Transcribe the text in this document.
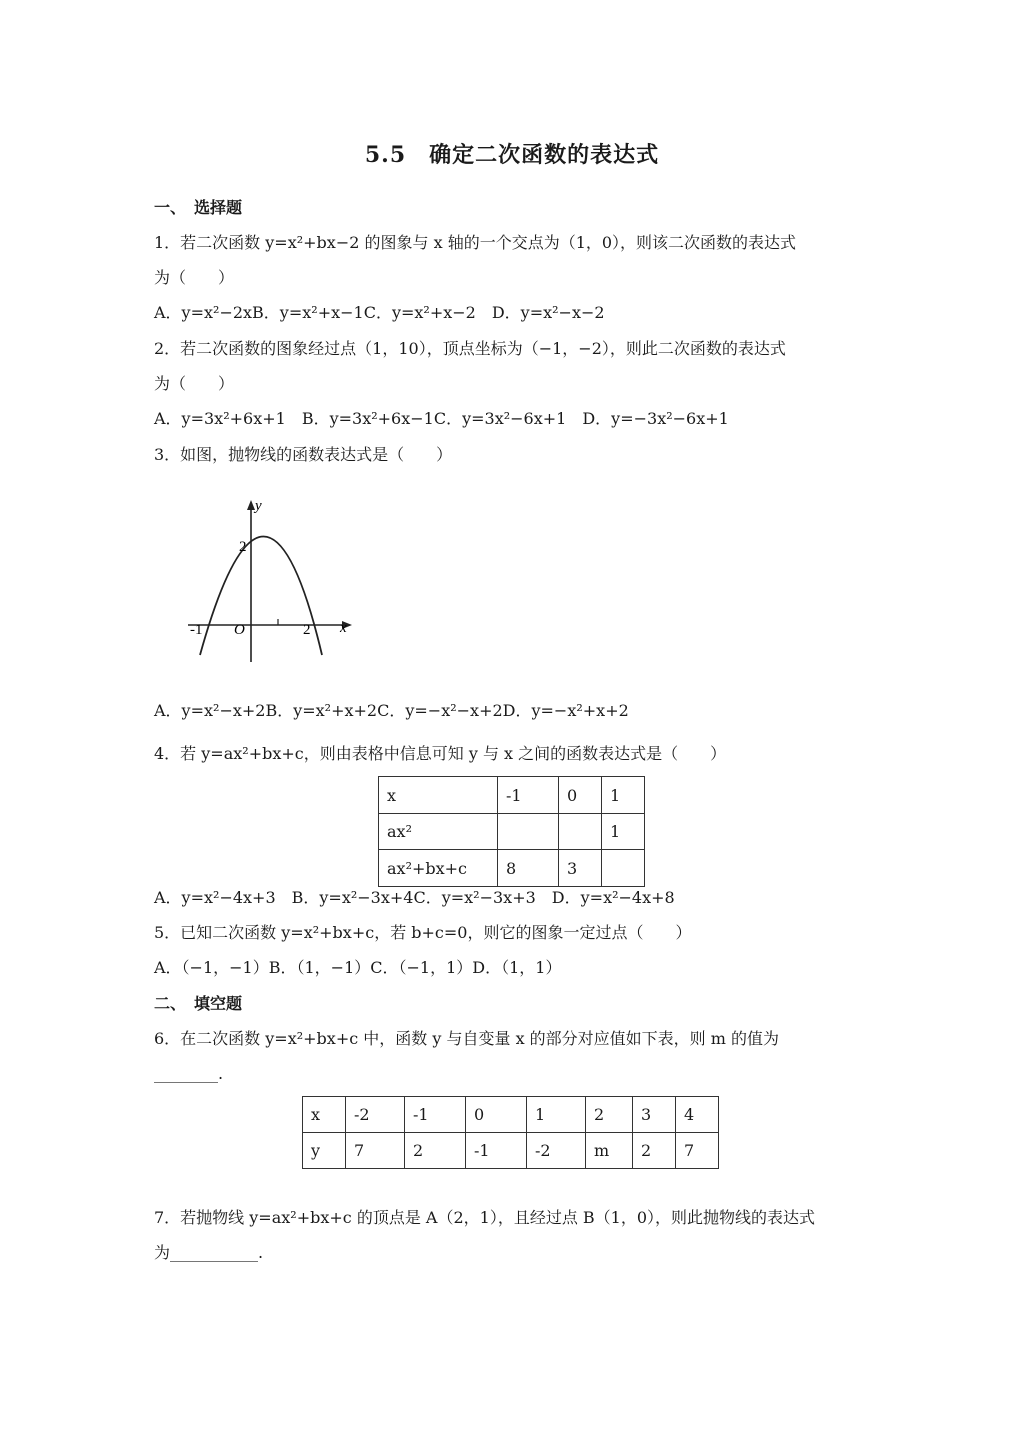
5.5　确定二次函数的表达式
一、　选择题
1．若二次函数 y=x²+bx−2 的图象与 x 轴的一个交点为（1，0），则该二次函数的表达式
为（　　）
A．y=x²−2xB．y=x²+x−1C．y=x²+x−2　D．y=x²−x−2
2．若二次函数的图象经过点（1，10），顶点坐标为（−1，−2），则此二次函数的表达式
为（　　）
A．y=3x²+6x+1　B．y=3x²+6x−1C．y=3x²−6x+1　D．y=−3x²−6x+1
3．如图，抛物线的函数表达式是（　　）
y
x
O
-1	2
2
A．y=x²−x+2B．y=x²+x+2C．y=−x²−x+2D．y=−x²+x+2
4．若 y=ax²+bx+c，则由表格中信息可知 y 与 x 之间的函数表达式是（　　）
x	-1	0	1
ax²			1
ax²+bx+c	8	3	
A．y=x²−4x+3　B．y=x²−3x+4C．y=x²−3x+3　D．y=x²−4x+8
5．已知二次函数 y=x²+bx+c，若 b+c=0，则它的图象一定过点（　　）
A．（−1，−1）B．（1，−1）C．（−1，1）D．（1，1）
二、　填空题
6．在二次函数 y=x²+bx+c 中，函数 y 与自变量 x 的部分对应值如下表，则 m 的值为
________.
x	-2	-1	0	1	2	3	4
y	7	2	-1	-2	m	2	7
7．若抛物线 y=ax²+bx+c 的顶点是 A（2，1），且经过点 B（1，0），则此抛物线的表达式
为___________.
